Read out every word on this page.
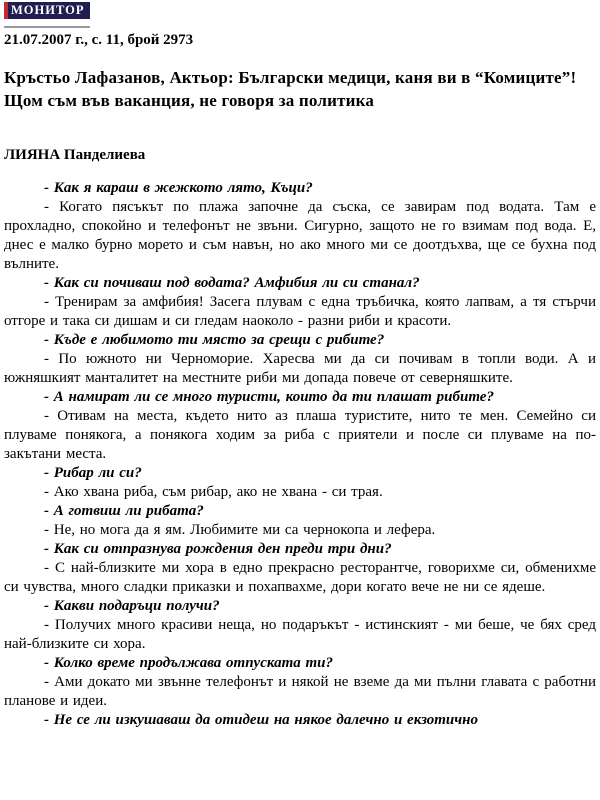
МОНИТОР
21.07.2007 г., с. 11, брой 2973
Кръстьо Лафазанов, Актьор: Български медици, каня ви в “Комиците”!
Щом съм във ваканция, не говоря за политика
ЛИЯНА Панделиева

- Как я караш в жежкото лято, Къци?

- Когато пясъкът по плажа започне да съска, се завирам под водата. Там е прохладно, спокойно и телефонът не звъни. Сигурно, защото не го взимам под вода. Е, днес е малко бурно морето и съм навън, но ако много ми се доотдъхва, ще се бухна под вълните.

- Как си почиваш под водата? Амфибия ли си станал?

- Тренирам за амфибия! Засега плувам с една тръбичка, която лапвам, а тя стърчи отгоре и така си дишам и си гледам наоколо - разни риби и красоти.

- Къде е любимото ти място за срещи с рибите?

- По южното ни Черноморие. Харесва ми да си почивам в топли води. А и южняшкият манталитет на местните риби ми допада повече от северняшките.

- А намират ли се много туристи, които да ти плашат рибите?

- Отивам на места, където нито аз плаша туристите, нито те мен. Семейно си плуваме понякога, а понякога ходим за риба с приятели и после си плуваме на по-закътани места.

- Рибар ли си?

- Ако хвана риба, съм рибар, ако не хвана - си трая.

- А готвиш ли рибата?

- Не, но мога да я ям. Любимите ми са чернокопа и лефера.

- Как си отпразнува рождения ден преди три дни?

- С най-близките ми хора в едно прекрасно ресторантче, говорихме си, обменихме си чувства, много сладки приказки и похапвахме, дори когато вече не ни се ядеше.

- Какви подаръци получи?

- Получих много красиви неща, но подаръкът - истинският - ми беше, че бях сред най-близките си хора.

- Колко време продължава отпуската ти?

- Ами докато ми звънне телефонът и някой не вземе да ми пълни главата с работни планове и идеи.

- Не се ли изкушаваш да отидеш на някое далечно и екзотично
